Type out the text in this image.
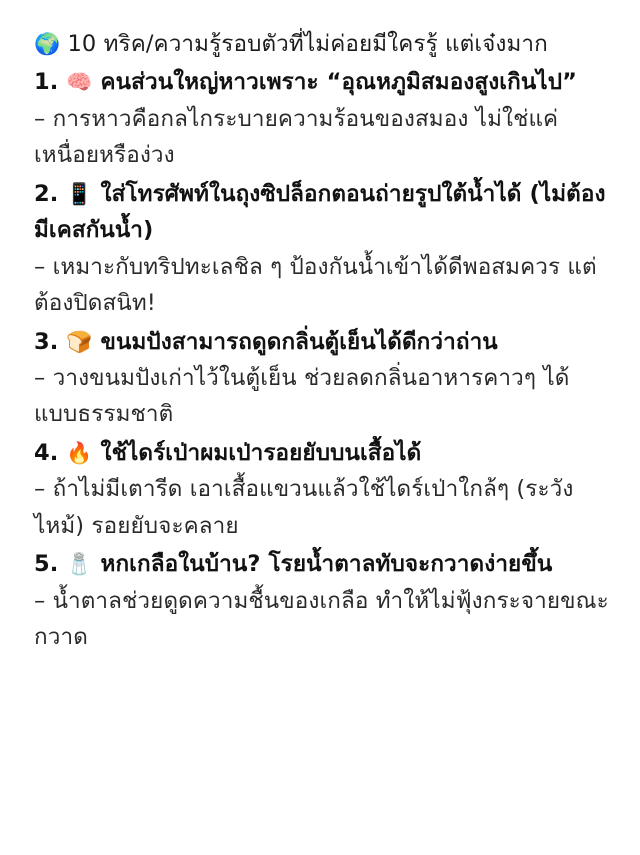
🌍 10 ทริค/ความรู้รอบตัวที่ไม่ค่อยมีใครรู้ แต่เจ๋งมาก
1. 🧠 คนส่วนใหญ่หาวเพราะ “อุณหภูมิสมองสูงเกินไป”
– การหาวคือกลไกระบายความร้อนของสมอง ไม่ใช่แค่เหนื่อยหรือง่วง
2. 📱 ใส่โทรศัพท์ในถุงซิปล็อกตอนถ่ายรูปใต้น้ำได้ (ไม่ต้องมีเคสกันน้ำ)
– เหมาะกับทริปทะเลชิล ๆ ป้องกันน้ำเข้าได้ดีพอสมควร แต่ต้องปิดสนิท!
3. 🍞 ขนมปังสามารถดูดกลิ่นตู้เย็นได้ดีกว่าถ่าน
– วางขนมปังเก่าไว้ในตู้เย็น ช่วยลดกลิ่นอาหารคาวๆ ได้แบบธรรมชาติ
4. 🔥 ใช้ไดร์เป่าผมเป่ารอยยับบนเสื้อได้
– ถ้าไม่มีเตารีด เอาเสื้อแขวนแล้วใช้ไดร์เป่าใกล้ๆ (ระวังไหม้) รอยยับจะคลาย
5. 🧂 หกเกลือในบ้าน? โรยน้ำตาลทับจะกวาดง่ายขึ้น
– น้ำตาลช่วยดูดความชื้นของเกลือ ทำให้ไม่ฟุ้งกระจายขณะกวาด
